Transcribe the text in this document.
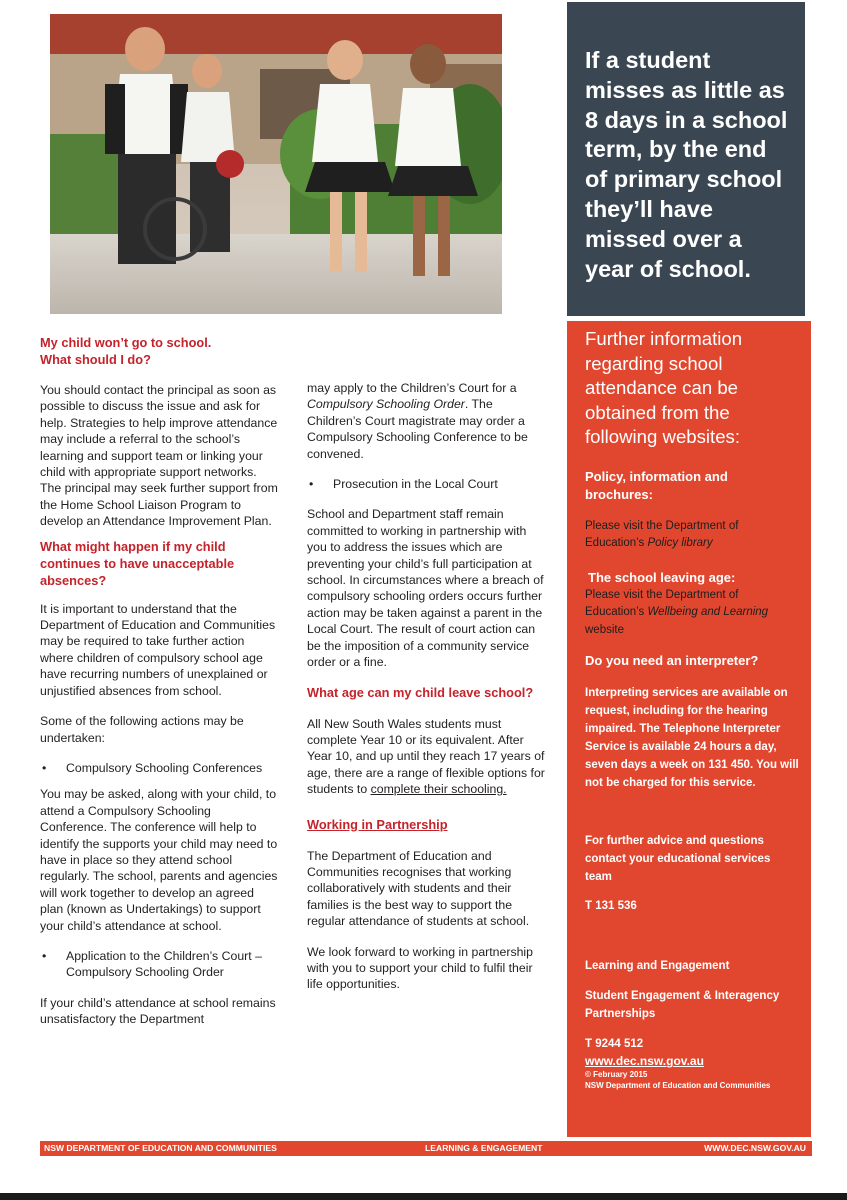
If a student misses as little as 8 days in a school term, by the end of primary school they’ll have missed over a year of school.

My child won’t go to school.
What should I do?

You should contact the principal as soon as possible to discuss the issue and ask for help. Strategies to help improve attendance may include a referral to the school’s learning and support team or linking your child with appropriate support networks. The principal may seek further support from the Home School Liaison Program to develop an Attendance Improvement Plan.

What might happen if my child continues to have unacceptable absences?

It is important to understand that the Department of Education and Communities may be required to take further action where children of compulsory school age have recurring numbers of unexplained or unjustified absences from school.

Some of the following actions may be undertaken:

• Compulsory Schooling Conferences

You may be asked, along with your child, to attend a Compulsory Schooling Conference. The conference will help to identify the supports your child may need to have in place so they attend school regularly. The school, parents and agencies will work together to develop an agreed plan (known as Undertakings) to support your child’s attendance at school.

• Application to the Children’s Court – Compulsory Schooling Order

If your child’s attendance at school remains unsatisfactory the Department

may apply to the Children’s Court for a Compulsory Schooling Order. The Children’s Court magistrate may order a Compulsory Schooling Conference to be convened.

• Prosecution in the Local Court

School and Department staff remain committed to working in partnership with you to address the issues which are preventing your child’s full participation at school. In circumstances where a breach of compulsory schooling orders occurs further action may be taken against a parent in the Local Court. The result of court action can be the imposition of a community service order or a fine.

What age can my child leave school?

All New South Wales students must complete Year 10 or its equivalent. After Year 10, and up until they reach 17 years of age, there are a range of flexible options for students to complete their schooling.

Working in Partnership

The Department of Education and Communities recognises that working collaboratively with students and their families is the best way to support the regular attendance of students at school.

We look forward to working in partnership with you to support your child to fulfil their life opportunities.

Further information regarding school attendance can be obtained from the following websites:

Policy, information and brochures:

Please visit the Department of Education’s Policy library

The school leaving age:

Please visit the Department of Education’s Wellbeing and Learning
website

Do you need an interpreter?

Interpreting services are available on request, including for the hearing impaired. The Telephone Interpreter Service is available 24 hours a day, seven days a week on 131 450. You will not be charged for this service.

For further advice and questions contact your educational services team

T 131 536

Learning and Engagement

Student Engagement & Interagency Partnerships

T 9244 512

www.dec.nsw.gov.au

© February 2015

NSW Department of Education and Communities

NSW DEPARTMENT OF EDUCATION AND COMMUNITIES	LEARNING & ENGAGEMENT	WWW.DEC.NSW.GOV.AU
